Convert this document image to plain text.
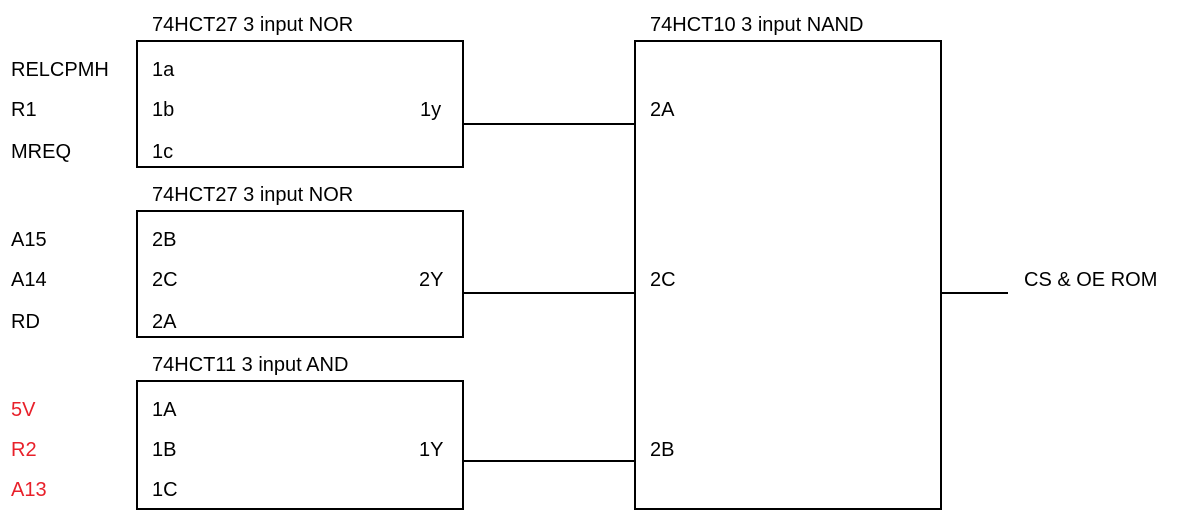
74HCT27 3 input NOR
74HCT27 3 input NOR
74HCT11 3 input AND
74HCT10 3 input NAND
RELCPMH
R1
MREQ
A15
A14
RD
5V
R2
A13
1a
1b
1c
1y
2B
2C
2A
2Y
1A
1B
1C
1Y
2A
2C
2B
CS & OE ROM
